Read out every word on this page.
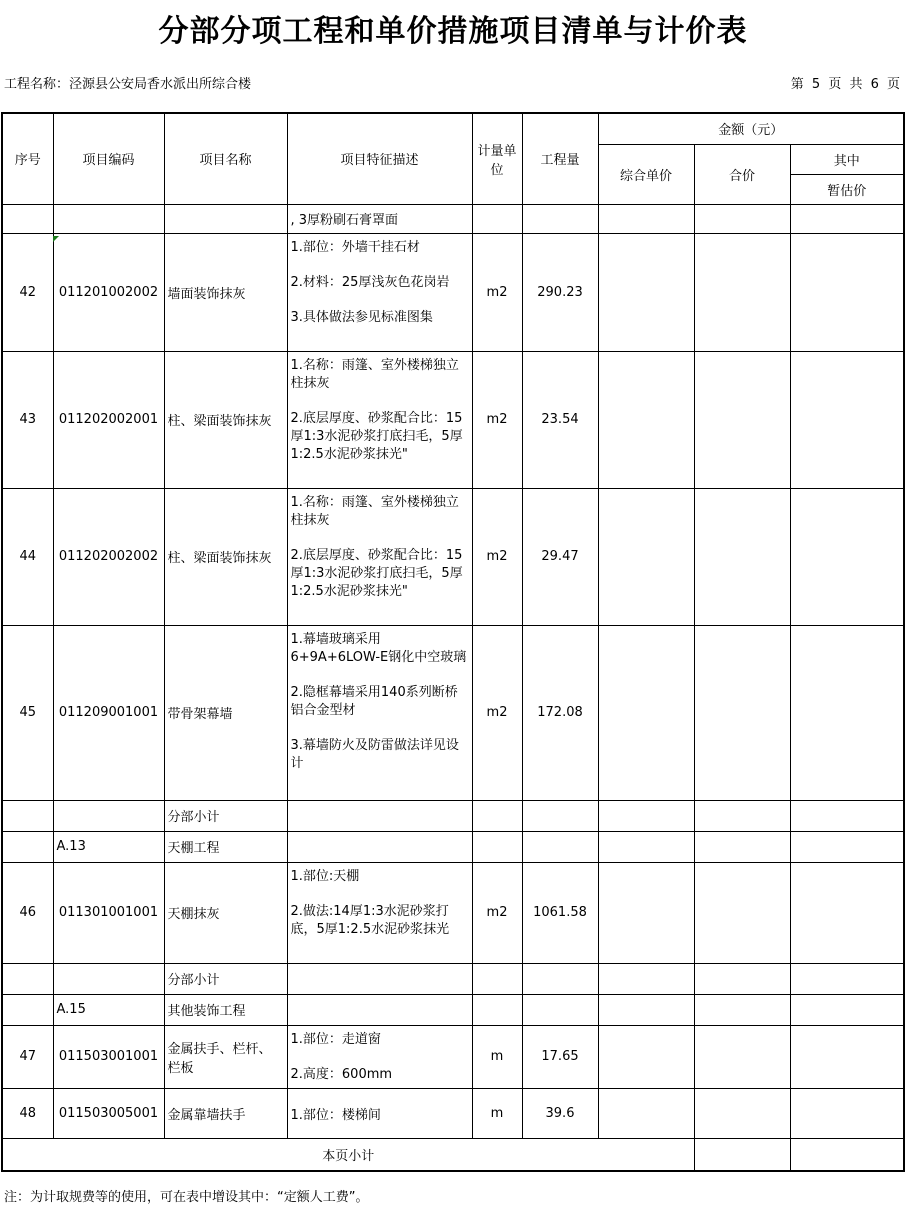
分部分项工程和单价措施项目清单与计价表
工程名称：泾源县公安局香水派出所综合楼	第 5 页 共 6 页
序号	项目编码	项目名称	项目特征描述	计量单位	工程量	金额（元）		
						综合单价	合价	其中
								暂估价
			, 3厚粉刷石膏罩面					
42	011201002002	墙面装饰抹灰	1.部位：外墙干挂石材

2.材料：25厚浅灰色花岗岩

3.具体做法参见标准图集	m2	290.23			
43	011202002001	柱、梁面装饰抹灰	1.名称：雨篷、室外楼梯独立柱抹灰

2.底层厚度、砂浆配合比：15厚1:3水泥砂浆打底扫毛，5厚1:2.5水泥砂浆抹光"	m2	23.54			
44	011202002002	柱、梁面装饰抹灰	1.名称：雨篷、室外楼梯独立柱抹灰

2.底层厚度、砂浆配合比：15厚1:3水泥砂浆打底扫毛，5厚1:2.5水泥砂浆抹光"	m2	29.47			
45	011209001001	带骨架幕墙	1.幕墙玻璃采用6+9A+6LOW-E钢化中空玻璃

2.隐框幕墙采用140系列断桥铝合金型材

3.幕墙防火及防雷做法详见设计	m2	172.08			
		分部小计						
	A.13	天棚工程						
46	011301001001	天棚抹灰	1.部位:天棚

2.做法:14厚1:3水泥砂浆打底，5厚1:2.5水泥砂浆抹光	m2	1061.58			
		分部小计						
	A.15	其他装饰工程						
47	011503001001	金属扶手、栏杆、栏板	1.部位：走道窗

2.高度：600mm	m	17.65			
48	011503005001	金属靠墙扶手	1.部位：楼梯间	m	39.6			
本页小计								
注：为计取规费等的使用，可在表中增设其中：“定额人工费”。
